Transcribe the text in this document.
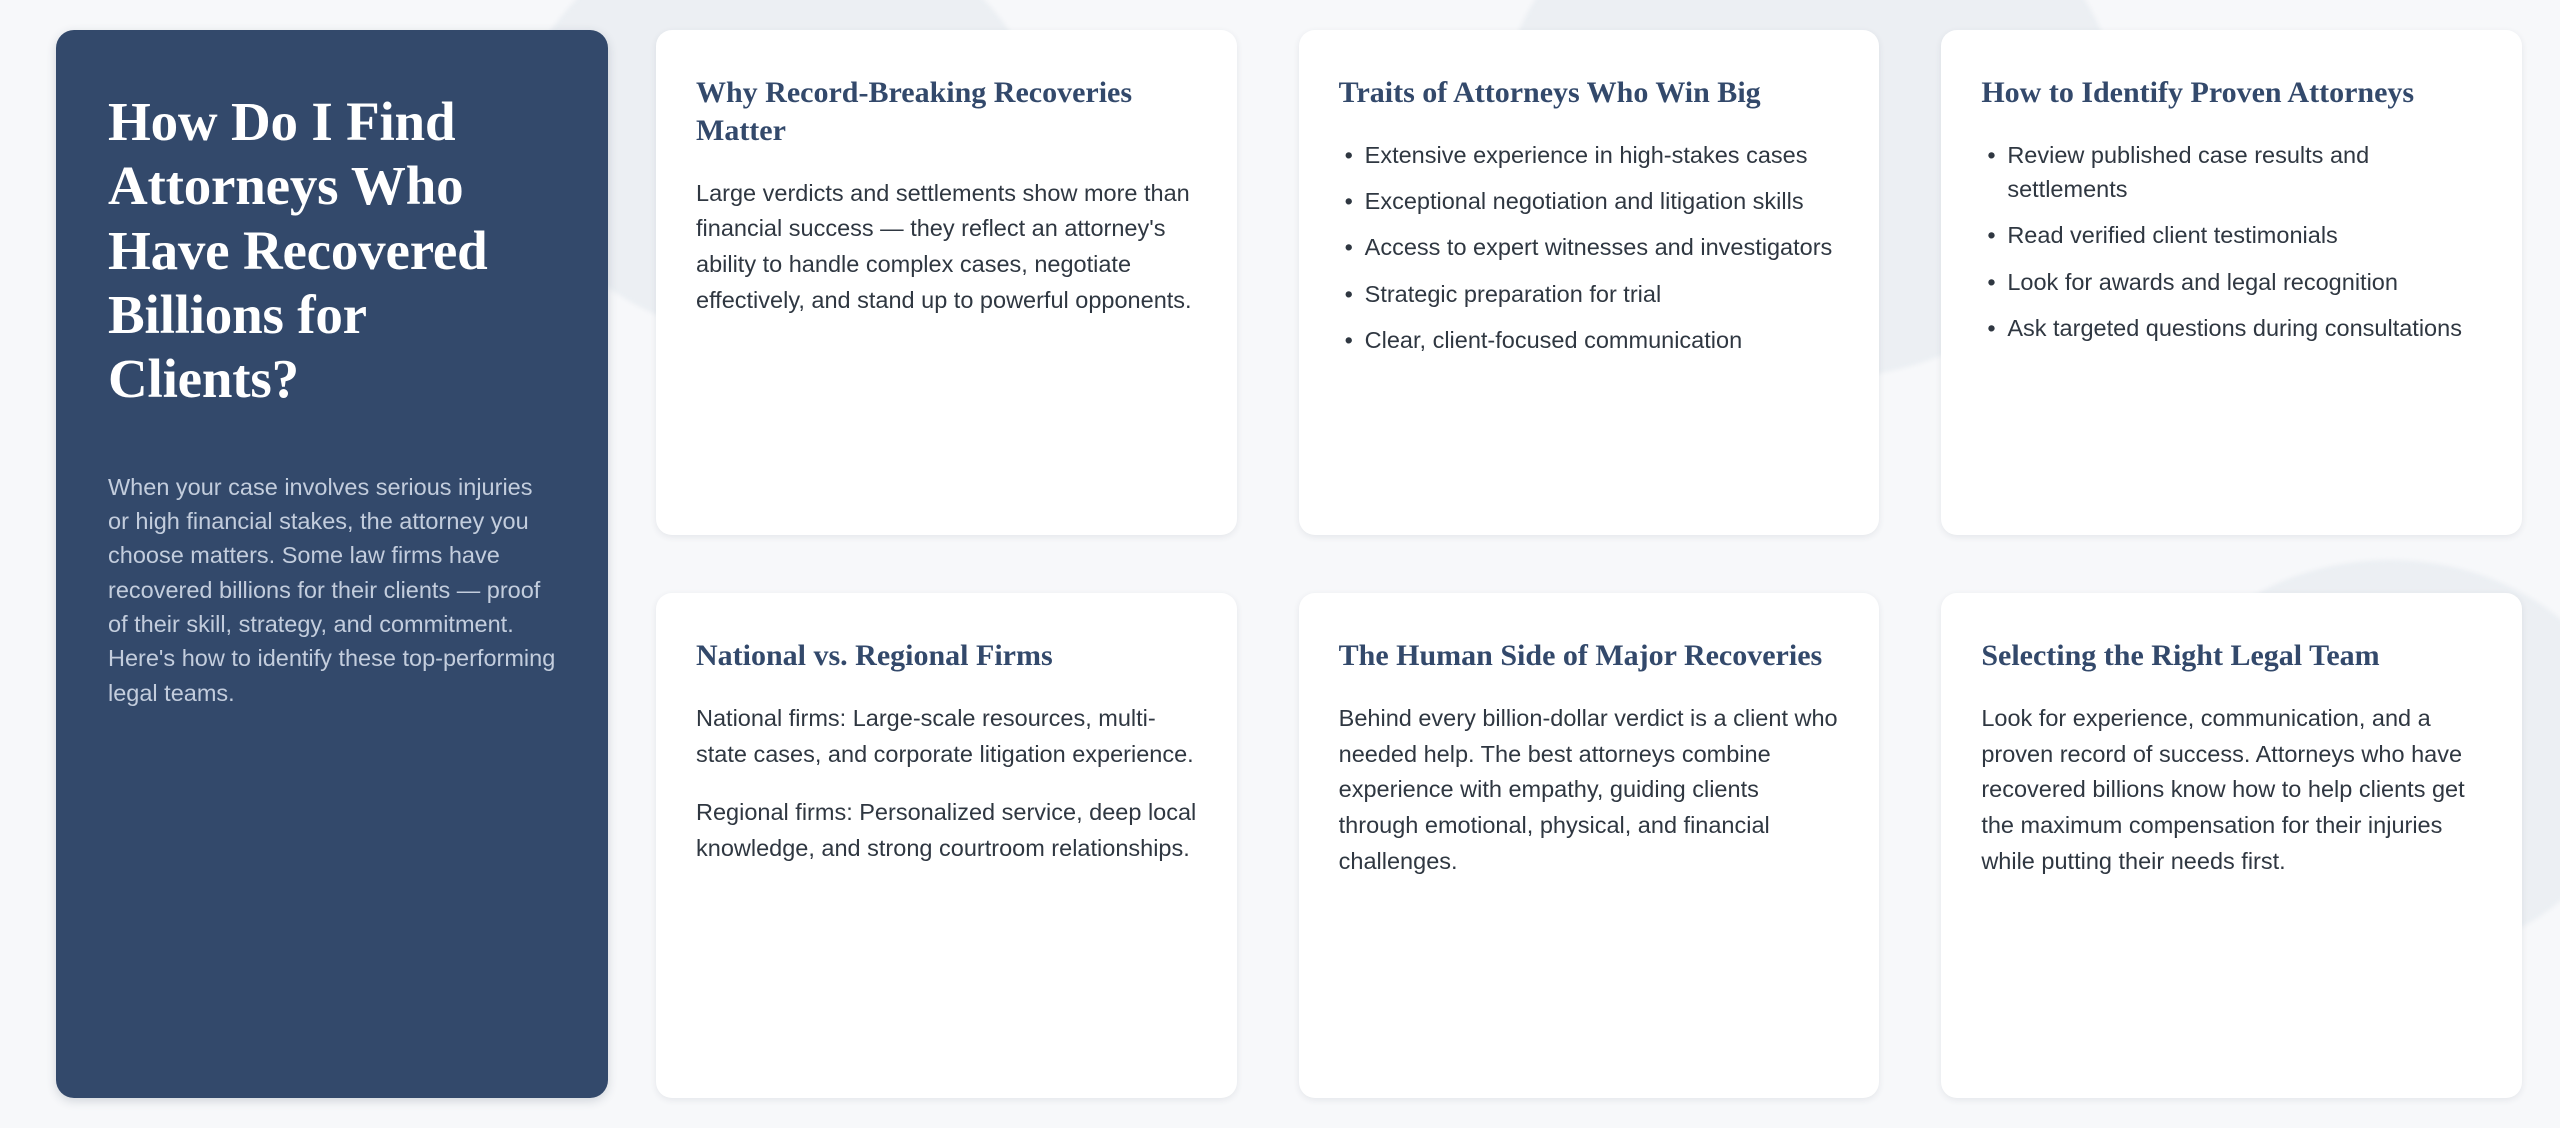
How Do I Find Attorneys Who Have Recovered Billions for Clients?

When your case involves serious injuries or high financial stakes, the attorney you choose matters. Some law firms have recovered billions for their clients — proof of their skill, strategy, and commitment. Here's how to identify these top-performing legal teams.

Why Record-Breaking Recoveries Matter

Large verdicts and settlements show more than financial success — they reflect an attorney's ability to handle complex cases, negotiate effectively, and stand up to powerful opponents.

Traits of Attorneys Who Win Big
• Extensive experience in high-stakes cases
• Exceptional negotiation and litigation skills
• Access to expert witnesses and investigators
• Strategic preparation for trial
• Clear, client-focused communication
How to Identify Proven Attorneys
• Review published case results and settlements
• Read verified client testimonials
• Look for awards and legal recognition
• Ask targeted questions during consultations
National vs. Regional Firms

National firms: Large-scale resources, multi-state cases, and corporate litigation experience.

Regional firms: Personalized service, deep local knowledge, and strong courtroom relationships.

The Human Side of Major Recoveries

Behind every billion-dollar verdict is a client who needed help. The best attorneys combine experience with empathy, guiding clients through emotional, physical, and financial challenges.

Selecting the Right Legal Team

Look for experience, communication, and a proven record of success. Attorneys who have recovered billions know how to help clients get the maximum compensation for their injuries while putting their needs first.
